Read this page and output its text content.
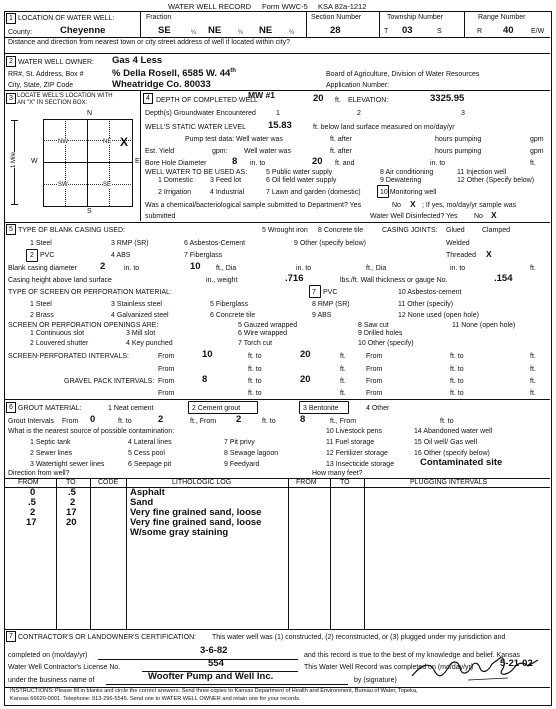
WATER WELL RECORD Form WWC-5 KSA 82a-1212
1 LOCATION OF WATER WELL:
County:	Cheyenne
Fraction
SE	¼ NE	¼ NE	¼
Section Number
28
Township Number
T 03	S
Range Number
R 40 E/W
Distance and direction from nearest town or city street address of well if located within city?
2 WATER WELL OWNER: Gas 4 Less
RR#, St. Address, Box #	% Della Rosell, 6585 W. 44th
City, State, ZIP Code	Wheatridge Co. 80033
Board of Agriculture, Division of Water Resources
Application Number:
MW #1
3 LOCATE WELL'S LOCATION WITH
AN "X" IN SECTION BOX:
N
S
W	E
NW	NE
SW	SE
X
1 Mile
4 DEPTH OF COMPLETED WELL	20 ft. ELEVATION:	3325.95
Depth(s) Groundwater Encountered	1	2	3
WELL'S STATIC WATER LEVEL 15.83	ft. below land surface measured on mo/day/yr
Pump test data: Well water was	ft. after	hours pumping	gpm
Est. Yield	gpm: Well water was	ft. after	hours pumping	gpm
Bore Hole Diameter	8 in. to	20 ft. and	in. to	ft.
WELL WATER TO BE USED AS:
1 Domestic 3 Feed lot
5 Public water supply
6 Oil field water supply
8 Air conditioning
9 Dewatering
11 Injection well
12 Other (Specify below)
2 Irrigation	4 Industrial	7 Lawn and garden (domestic)	10 Monitoring well
Was a chemical/bacteriological sample submitted to Department? Yes	No X ; If yes, mo/day/yr sample was
submitted	Water Well Disinfected? Yes No X
5 TYPE OF BLANK CASING USED:	5 Wrought iron 8 Concrete tile	CASING JOINTS: Glued Clamped
1 Steel	3 RMP (SR)	6 Asbestos-Cement	9 Other (specify below)	Welded
2 PVC	4 ABS	7 Fiberglass	Threaded X
Blank casing diameter 2	in. to	10 ft., Dia	in. to	ft., Dia	in. to	ft.
Casing height above land surface	in., weight	.716	lbs./ft. Wall thickness or gauge No.	.154
TYPE OF SCREEN OR PERFORATION MATERIAL:	7 PVC	10 Asbestos-cement
1 Steel	3 Stainless steel	5 Fiberglass	8 RMP (SR)	11 Other (specify)
2 Brass	4 Galvanized steel	6 Concrete tile	9 ABS	12 None used (open hole)
SCREEN OR PERFORATION OPENINGS ARE:
1 Continuous slot	3 Mill slot
5 Gauzed wrapped
6 Wire wrapped
8 Saw cut
9 Drilled holes
11 None (open hole)
2 Louvered shutter	4 Key punched	7 Torch cut	10 Other (specify)
SCREEN-PERFORATED INTERVALS:	From	10	ft. to	20	ft.	From	ft. to	ft.
From	ft. to	ft.	From	ft. to	ft.
GRAVEL PACK INTERVALS: From	8	ft. to	20	ft.	From	ft. to	ft.
From	ft. to	ft.	From	ft. to	ft.
6 GROUT MATERIAL:	1 Neat cement	2 Cement grout	3 Bentonite	4 Other
Grout Intervals From 0	ft. to	2	ft., From 2	ft. to	8	ft., From	ft. to
What is the nearest source of possible contamination:
1 Septic tank	4 Lateral lines	7 Pit privy
10 Livestock pens	14 Abandoned water well
11 Fuel storage	15 Oil well/ Gas well
2 Sewer lines	5 Cess pool	8 Sewage lagoon	12 Fertilizer storage	16 Other (specify below)
3 Watertight sewer lines	6 Seepage pit	9 Feedyard	13 Insecticide storage	Contaminated site
Direction from well?	How many feet?
FROM	TO	CODE	LITHOLOGIC LOG	FROM	TO	PLUGGING INTERVALS
0	.5	Asphalt
.5	2	Sand
2	17	Very fine grained sand, loose
17	20	Very fine grained sand, loose
W/some gray staining
7 CONTRACTOR'S OR LANDOWNER'S CERTIFICATION: This water well was (1) constructed, (2) reconstructed, or (3) plugged under my jurisdiction and
completed on (mo/day/yr)	3-6-82	and this record is true to the best of my knowledge and belief. Kansas
Water Well Contractor's License No.	554	This Water Well Record was completed on (mo/day/yr)	5-21-02
under the business name of	Woofter Pump and Well Inc.	by (signature)
INSTRUCTIONS: Please fill in blanks and circle the correct answers. Send three copies to Kansas Department of Health and Environment, Bureau of Water, Topeka,
Kansas 66620-0001. Telephone: 913-296-5545. Send one to WATER WELL OWNER and retain one for your records.
